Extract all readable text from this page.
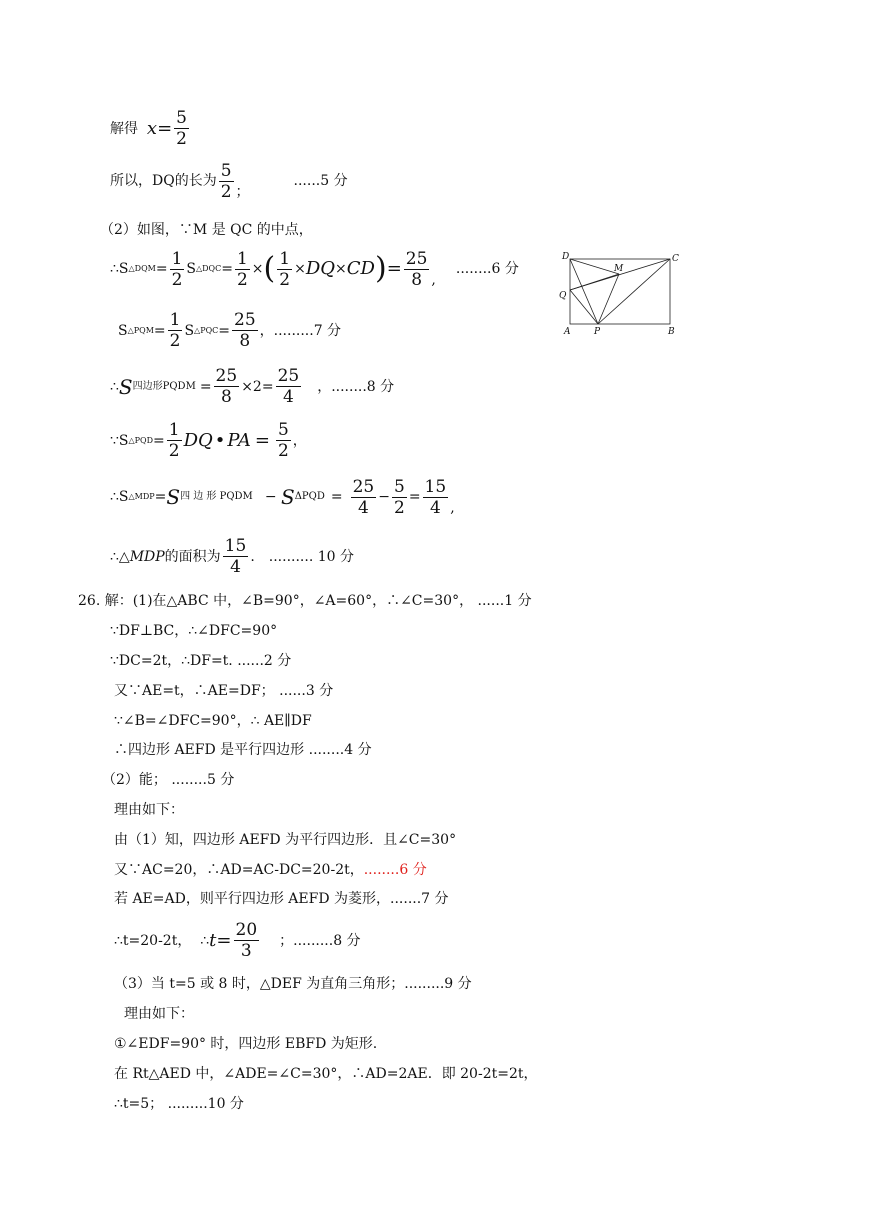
解得
$x = \frac{5}{2}$
所以，DQ的长为 $\frac{5}{2}$ ；
......5 分
（2）如图，∵M 是 QC 的中点，
∴S △DQM = $\frac{1}{2}$ S △DQC = $\frac{1}{2}$ × ( $\frac{1}{2}$ × DQ × CD ) = $\frac{25}{8}$ ,
........6 分
S △PQM = $\frac{1}{2}$ S △PQC = $\frac{25}{8}$ ，.........7 分
∴ S 四边形PQDM = $\frac{25}{8} \times 2= \frac{25}{4}$ ，........8 分
∵S △PQD = $\frac{1}{2}$ DQ • PA = $\frac{5}{2}$ ，
∴S △MDP = S 四 边 形 PQDM −
S $\Delta PQD = \frac{25}{4} - \frac{5}{2} = \frac{15}{4}$ ,
∴△ MDP 的面积为 $\frac{15}{4}$ . .......... 10 分
D	C
M
Q
A	P	B
26. 解：(1)在△ABC 中，∠B=90°，∠A=60°，∴∠C=30°， ......1 分
∵DF⊥BC，∴∠DFC=90°
∵DC=2t，∴DF=t. ......2 分
又∵AE=t，∴AE=DF； ......3 分
∵∠B=∠DFC=90°，∴ AE∥DF
∴四边形 AEFD 是平行四边形 ........4 分
（2）能； ........5 分
理由如下：
由（1）知，四边形 AEFD 为平行四边形．且∠C=30°
又∵AC=20，∴AD=AC-DC=20-2t，........6 分
若 AE=AD，则平行四边形 AEFD 为菱形，.......7 分
∴t=20-2t，
∴ $t = \frac{20}{3}$ ；.........8 分
（3）当 t=5 或 8 时，△DEF 为直角三角形；.........9 分
理由如下：
①∠EDF=90° 时，四边形 EBFD 为矩形.
在 Rt△AED 中，∠ADE=∠C=30°，∴AD=2AE．即 20-2t=2t，
∴t=5； .........10 分
